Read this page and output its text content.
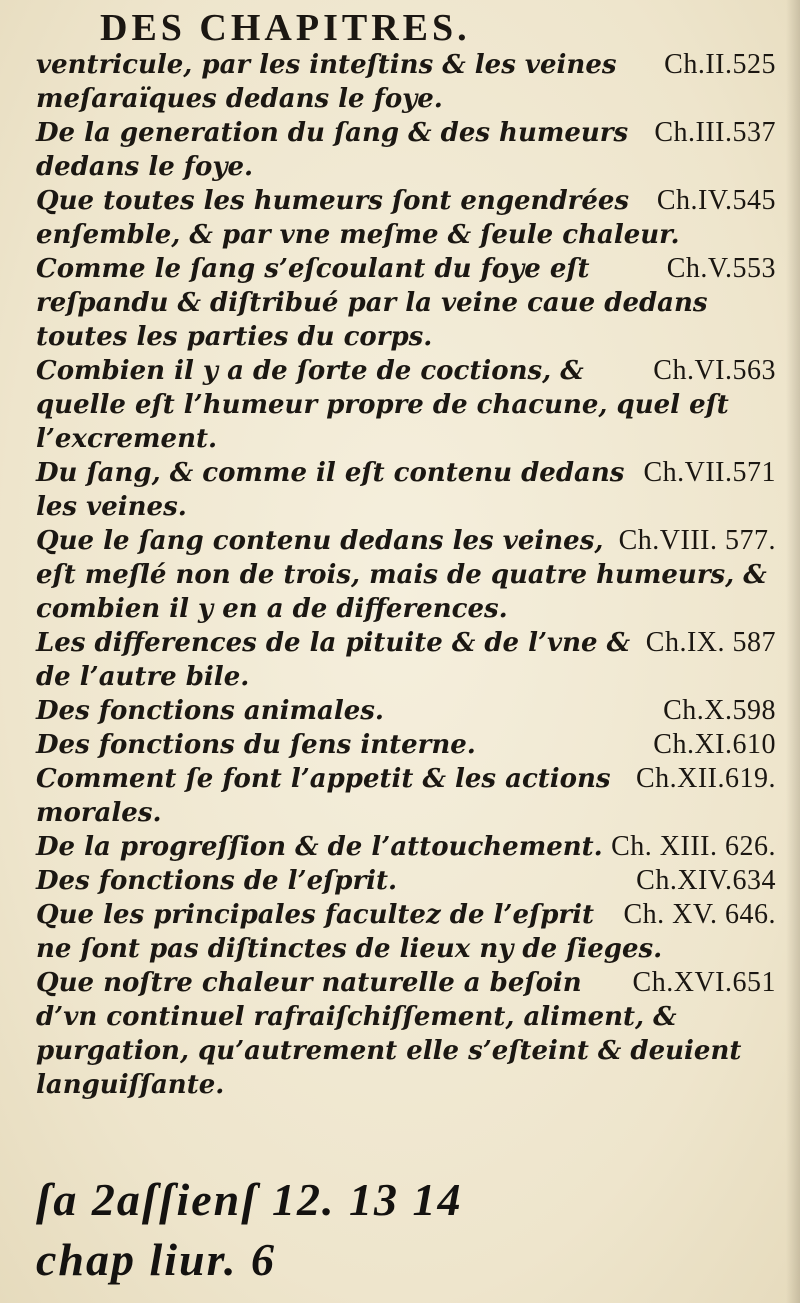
DES CHAPITRES.
Ch.II.525
ventricule, par les inteſtins & les veines meſaraïques dedans le foye.
Ch.III.537
De la generation du ſang & des humeurs dedans le foye.
Ch.IV.545
Que toutes les humeurs ſont engendrées enſemble, & par vne meſme & ſeule chaleur.
Ch.V.553
Comme le ſang s’eſcoulant du foye eſt reſpandu & diſtribué par la veine caue dedans toutes les parties du corps.
Ch.VI.563
Combien il y a de ſorte de coctions, & quelle eſt l’humeur propre de chacune, quel eſt l’excrement.
Ch.VII.571
Du ſang, & comme il eſt contenu dedans les veines.
Ch.VIII. 577.
Que le ſang contenu dedans les veines, eſt meſlé non de trois, mais de quatre humeurs, & combien il y en a de differences.
Ch.IX. 587
Les differences de la pituite & de l’vne & de l’autre bile.
Ch.X.598
Des fonctions animales.
Ch.XI.610
Des fonctions du ſens interne.
Ch.XII.619.
Comment ſe font l’appetit & les actions morales.
Ch. XIII. 626.
De la progreſſion & de l’attouchement.
Ch.XIV.634
Des fonctions de l’eſprit.
Ch. XV. 646.
Que les principales facultez de l’eſprit ne ſont pas diſtinctes de lieux ny de ſieges.
Ch.XVI.651
Que noſtre chaleur naturelle a beſoin d’vn continuel rafraiſchiſſement, aliment, & purgation, qu’autrement elle s’eſteint & deuient languiſſante.
ſa 2aſſienſ 12. 13 14
chap liur. 6
